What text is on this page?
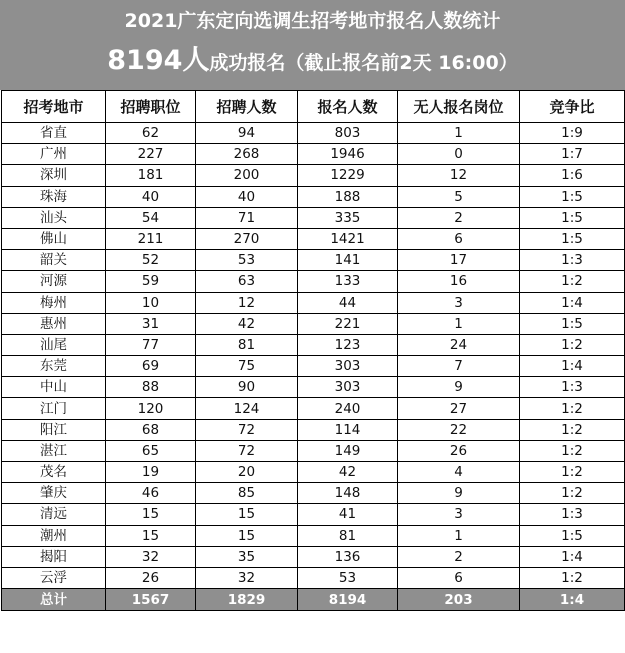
2021广东定向选调生招考地市报名人数统计
8194人成功报名（截止报名前2天 16:00）
招考地市	招聘职位	招聘人数	报名人数	无人报名岗位	竞争比
省直	62	94	803	1	1:9
广州	227	268	1946	0	1:7
深圳	181	200	1229	12	1:6
珠海	40	40	188	5	1:5
汕头	54	71	335	2	1:5
佛山	211	270	1421	6	1:5
韶关	52	53	141	17	1:3
河源	59	63	133	16	1:2
梅州	10	12	44	3	1:4
惠州	31	42	221	1	1:5
汕尾	77	81	123	24	1:2
东莞	69	75	303	7	1:4
中山	88	90	303	9	1:3
江门	120	124	240	27	1:2
阳江	68	72	114	22	1:2
湛江	65	72	149	26	1:2
茂名	19	20	42	4	1:2
肇庆	46	85	148	9	1:2
清远	15	15	41	3	1:3
潮州	15	15	81	1	1:5
揭阳	32	35	136	2	1:4
云浮	26	32	53	6	1:2
总计	1567	1829	8194	203	1:4
